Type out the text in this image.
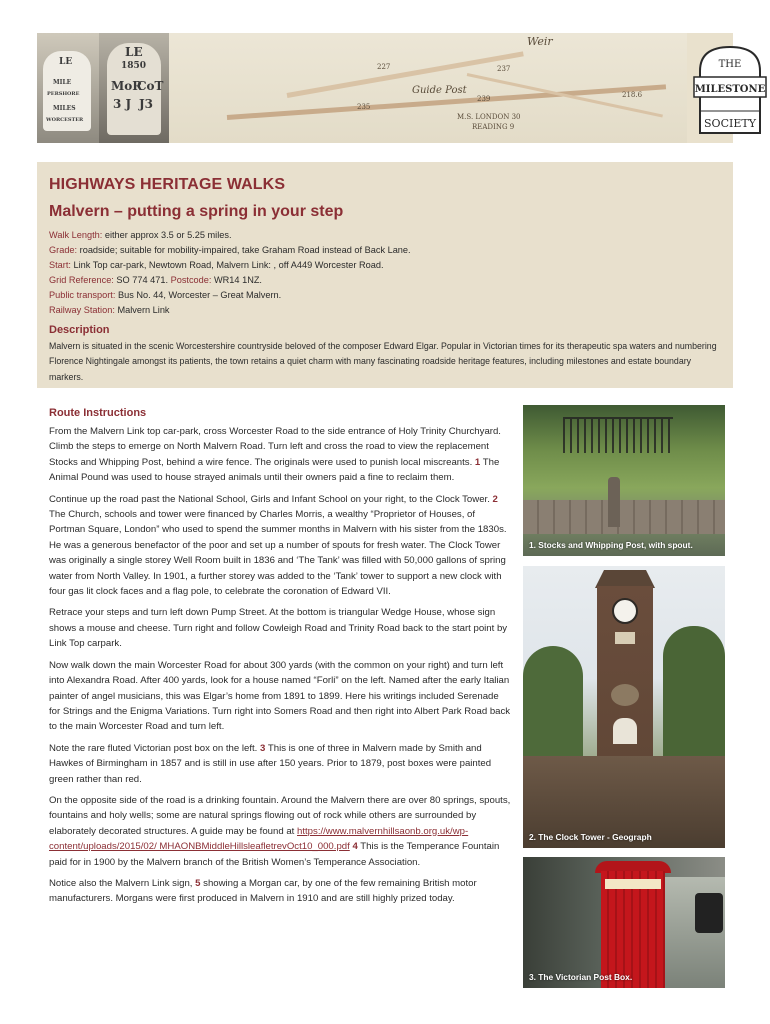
Weir
Guide Post
M.S. LONDON 30
READING 9
237
239
227
235
218.6
LE
MILE
PERSHORE
MILES
WORCESTER
LE
1850
MoR
CoT
3 J J3
THE
MILESTONE
SOCIETY
HIGHWAYS HERITAGE WALKS
Malvern – putting a spring in your step
Walk Length: either approx 3.5 or 5.25 miles.
Grade: roadside; suitable for mobility-impaired, take Graham Road instead of Back Lane.
Start: Link Top car-park, Newtown Road, Malvern Link: , off A449 Worcester Road.
Grid Reference: SO 774 471. Postcode: WR14 1NZ.
Public transport: Bus No. 44, Worcester – Great Malvern.
Railway Station: Malvern Link
Description
Malvern is situated in the scenic Worcestershire countryside beloved of the composer Edward Elgar. Popular in Victorian times for its therapeutic spa waters and numbering Florence Nightingale amongst its patients, the town retains a quiet charm with many fascinating roadside heritage features, including milestones and estate boundary markers.
Route Instructions

From the Malvern Link top car-park, cross Worcester Road to the side entrance of Holy Trinity Churchyard. Climb the steps to emerge on North Malvern Road. Turn left and cross the road to view the replacement Stocks and Whipping Post, behind a wire fence. The originals were used to punish local miscreants. 1 The Animal Pound was used to house strayed animals until their owners paid a fine to reclaim them.

Continue up the road past the National School, Girls and Infant School on your right, to the Clock Tower. 2 The Church, schools and tower were financed by Charles Morris, a wealthy “Proprietor of Houses, of Portman Square, London” who used to spend the summer months in Malvern with his sister from the 1830s. He was a generous benefactor of the poor and set up a number of spouts for fresh water. The Clock Tower was originally a single storey Well Room built in 1836 and ‘The Tank’ was filled with 50,000 gallons of spring water from North Valley. In 1901, a further storey was added to the ‘Tank’ tower to support a new clock with four gas lit clock faces and a flag pole, to celebrate the coronation of Edward VII.

Retrace your steps and turn left down Pump Street. At the bottom is triangular Wedge House, whose sign shows a mouse and cheese. Turn right and follow Cowleigh Road and Trinity Road back to the start point by Link Top carpark.

Now walk down the main Worcester Road for about 300 yards (with the common on your right) and turn left into Alexandra Road. After 400 yards, look for a house named “Forli” on the left. Named after the early Italian painter of angel musicians, this was Elgar’s home from 1891 to 1899. Here his writings included Serenade for Strings and the Enigma Variations. Turn right into Somers Road and then right into Albert Park Road back to the main Worcester Road and turn left.

Note the rare fluted Victorian post box on the left. 3 This is one of three in Malvern made by Smith and Hawkes of Birmingham in 1857 and is still in use after 150 years. Prior to 1879, post boxes were painted green rather than red.

On the opposite side of the road is a drinking fountain. Around the Malvern there are over 80 springs, spouts, fountains and holy wells; some are natural springs flowing out of rock while others are surrounded by elaborately decorated structures. A guide may be found at https://www.malvernhillsaonb.org.uk/wp-content/uploads/2015/02/ MHAONBMiddleHillsleafletrevOct10_000.pdf 4 This is the Temperance Fountain paid for in 1900 by the Malvern branch of the British Women’s Temperance Association.

Notice also the Malvern Link sign, 5 showing a Morgan car, by one of the few remaining British motor manufacturers. Morgans were first produced in Malvern in 1910 and are still highly prized today.

1. Stocks and Whipping Post, with spout.
2. The Clock Tower - Geograph
3. The Victorian Post Box.
